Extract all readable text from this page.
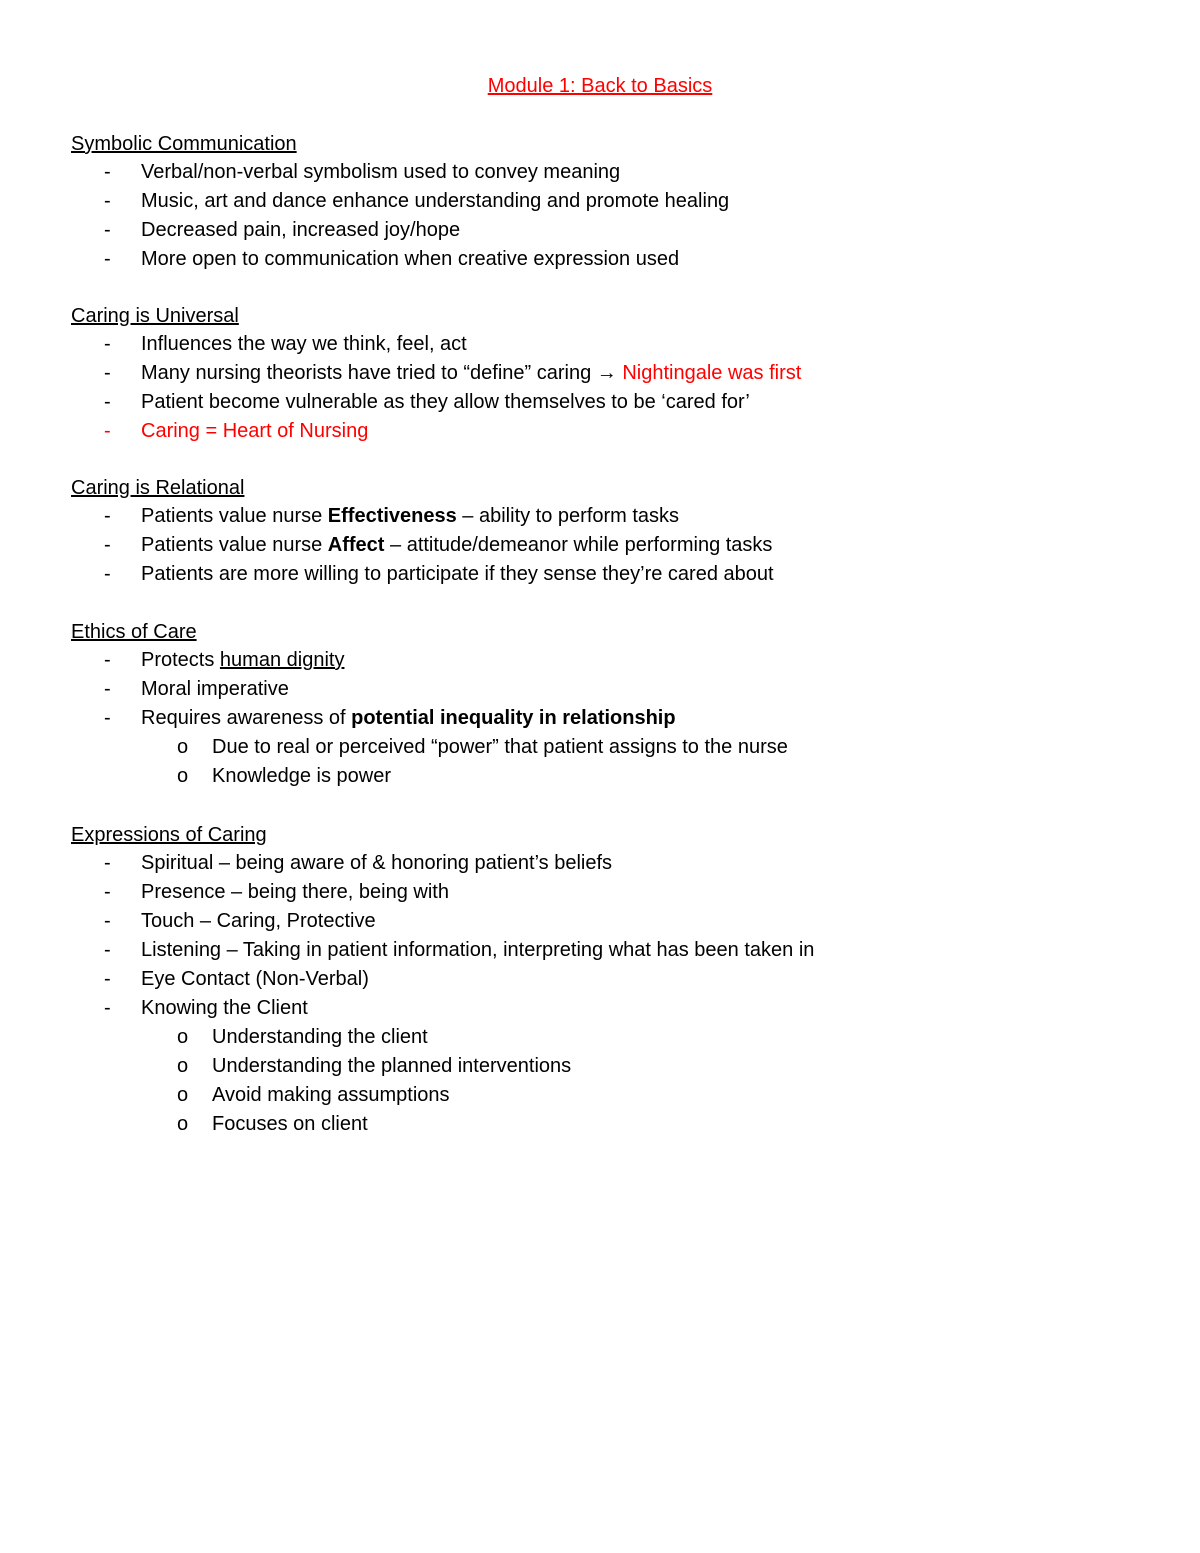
Module 1: Back to Basics
Symbolic Communication
- Verbal/non-verbal symbolism used to convey meaning
- Music, art and dance enhance understanding and promote healing
- Decreased pain, increased joy/hope
- More open to communication when creative expression used
Caring is Universal
- Influences the way we think, feel, act
- Many nursing theorists have tried to “define” caring → Nightingale was first
- Patient become vulnerable as they allow themselves to be ‘cared for’
- Caring = Heart of Nursing
Caring is Relational
- Patients value nurse Effectiveness – ability to perform tasks
- Patients value nurse Affect – attitude/demeanor while performing tasks
- Patients are more willing to participate if they sense they’re cared about
Ethics of Care
- Protects human dignity
- Moral imperative
- Requires awareness of potential inequality in relationship
o Due to real or perceived “power” that patient assigns to the nurse
o Knowledge is power
Expressions of Caring
- Spiritual – being aware of & honoring patient’s beliefs
- Presence – being there, being with
- Touch – Caring, Protective
- Listening – Taking in patient information, interpreting what has been taken in
- Eye Contact (Non-Verbal)
- Knowing the Client
o Understanding the client
o Understanding the planned interventions
o Avoid making assumptions
o Focuses on client
